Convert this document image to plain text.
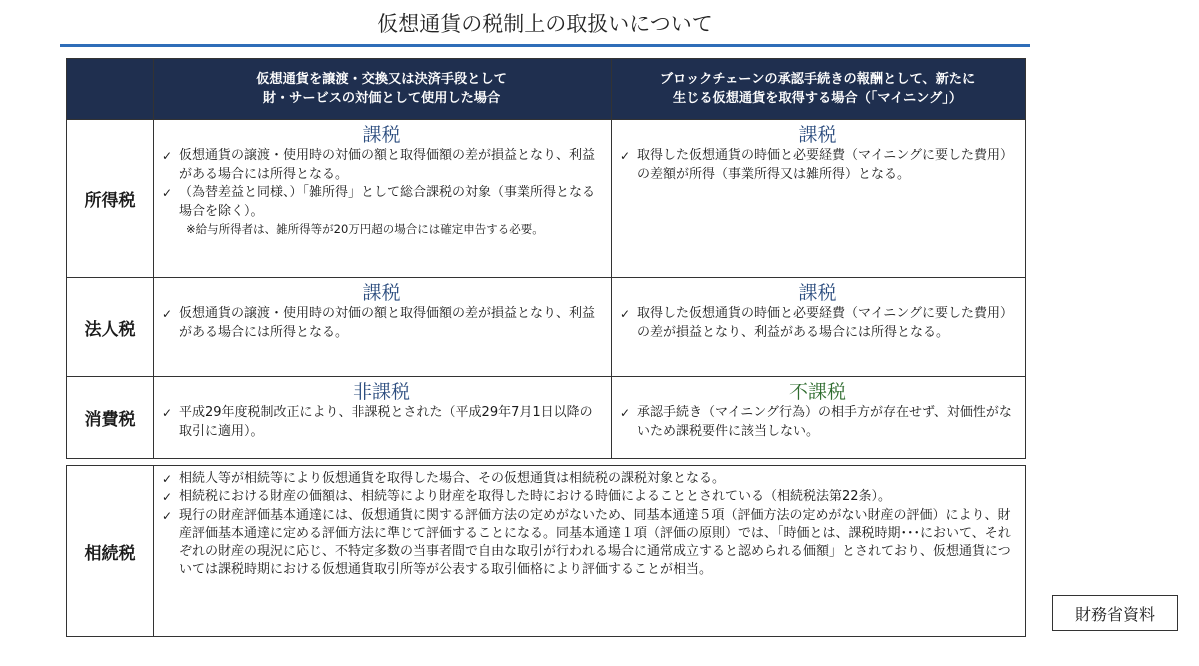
仮想通貨の税制上の取扱いについて
仮想通貨を譲渡・交換又は決済手段として
財・サービスの対価として使用した場合
ブロックチェーンの承認手続きの報酬として、新たに
生じる仮想通貨を取得する場合（「マイニング」）
所得税
課税
✓ 仮想通貨の譲渡・使用時の対価の額と取得価額の差が損益となり、利益がある場合には所得となる。
✓ （為替差益と同様、）「雑所得」として総合課税の対象（事業所得となる場合を除く）。
※給与所得者は、雑所得等が20万円超の場合には確定申告する必要。
課税
✓ 取得した仮想通貨の時価と必要経費（マイニングに要した費用）の差額が所得（事業所得又は雑所得）となる。
法人税
課税
✓ 仮想通貨の譲渡・使用時の対価の額と取得価額の差が損益となり、利益がある場合には所得となる。
課税
✓ 取得した仮想通貨の時価と必要経費（マイニングに要した費用）の差が損益となり、利益がある場合には所得となる。
消費税
非課税
✓ 平成29年度税制改正により、非課税とされた（平成29年7月1日以降の取引に適用）。
不課税
✓ 承認手続き（マイニング行為）の相手方が存在せず、対価性がないため課税要件に該当しない。
相続税
✓ 相続人等が相続等により仮想通貨を取得した場合、その仮想通貨は相続税の課税対象となる。
✓ 相続税における財産の価額は、相続等により財産を取得した時における時価によることとされている（相続税法第22条）。
✓ 現行の財産評価基本通達には、仮想通貨に関する評価方法の定めがないため、同基本通達５項（評価方法の定めがない財産の評価）により、財産評価基本通達に定める評価方法に準じて評価することになる。同基本通達１項（評価の原則）では、「時価とは、課税時期･･･において、それぞれの財産の現況に応じ、不特定多数の当事者間で自由な取引が行われる場合に通常成立すると認められる価額」とされており、仮想通貨については課税時期における仮想通貨取引所等が公表する取引価格により評価することが相当。
財務省資料
